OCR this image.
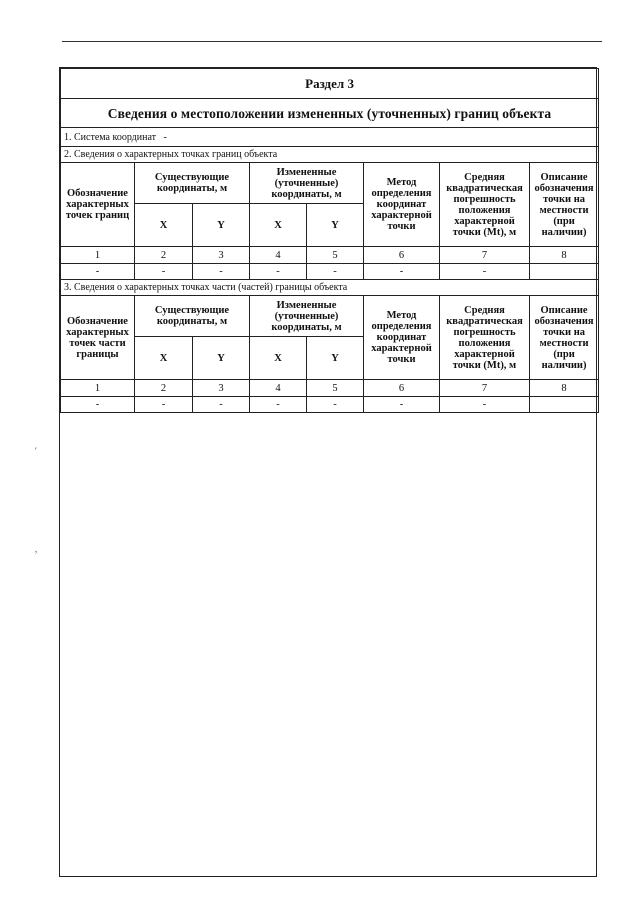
'
,
Раздел 3							
Сведения о местоположении измененных (уточненных) границ объекта							
1. Система координат -							
2. Сведения о характерных точках границ объекта							
Обозначение характерных точек границ	Существующие координаты, м		Измененные (уточненные) координаты, м		Метод определения координат характерной точки	Средняя квадратическая погрешность положения характерной точки (Mt), м	Описание обозначения точки на местности (при наличии)
	X	Y	X	Y			
1	2	3	4	5	6	7	8
-	-	-	-	-	-	-	
3. Сведения о характерных точках части (частей) границы объекта							
Обозначение характерных точек части границы	Существующие координаты, м		Измененные (уточненные) координаты, м		Метод определения координат характерной точки	Средняя квадратическая погрешность положения характерной точки (Mt), м	Описание обозначения точки на местности (при наличии)
	X	Y	X	Y			
1	2	3	4	5	6	7	8
-	-	-	-	-	-	-	
